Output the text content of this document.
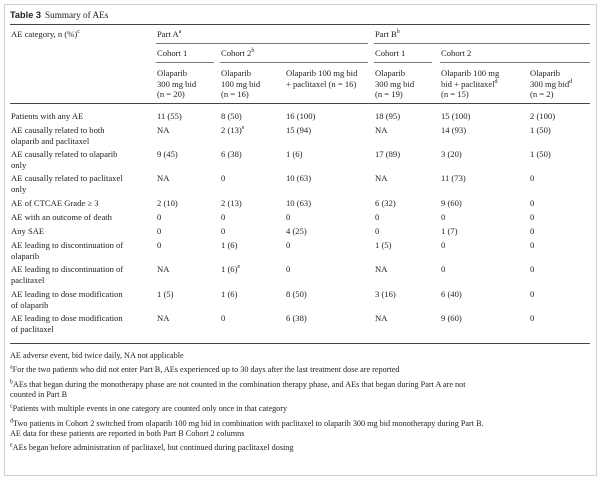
Table 3 Summary of AEs
AE category, n (%)$^c$	Part $A^a$	Part $B^b$
Cohort 1	Cohort 2$^b$	Cohort 1	Cohort 2
Olaparib
300 mg bid
(n = 20)
Olaparib
100 mg bid
(n = 16)
Olaparib 100 mg bid
+ paclitaxel (n = 16)
Olaparib
300 mg bid
(n = 19)
Olaparib 100 mg
bid + paclitaxel$^d$
(n = 15)
Olaparib
300 mg bid$^d$
(n = 2)
Patients with any AE	11 (55)	8 (50)	16 (100)	18 (95)	15 (100)	2 (100)
AE causally related to both
olaparib and paclitaxel
NA	2 $(13)^e$	15 (94)	NA	14 (93)	1 (50)
AE causally related to olaparib
only
9 (45)	6 (38)	1 (6)	17 (89)	3 (20)	1 (50)
AE causally related to paclitaxel
only
NA	0	10 (63)	NA	11 (73)	0
AE of CTCAE Grade ≥ 3	2 (10)	2 (13)	10 (63)	6 (32)	9 (60)	0
AE with an outcome of death	0	0	0	0	0	0
Any SAE	0	0	4 (25)	0	1 (7)	0
AE leading to discontinuation of
olaparib
0	1 (6)	0	1 (5)	0	0
AE leading to discontinuation of
paclitaxel
NA	1 $(6)^e$	0	NA	0	0
AE leading to dose modification
of olaparib
1 (5)	1 (6)	8 (50)	3 (16)	6 (40)	0
AE leading to dose modification
of paclitaxel
NA	0	6 (38)	NA	9 (60)	0
AE adverse event, bid twice daily, NA not applicable
$^a$For the two patients who did not enter Part B, AEs experienced up to 30 days after the last treatment dose are reported
$^b$AEs that began during the monotherapy phase are not counted in the combination therapy phase, and AEs that began during Part A are not
counted in Part B
$^c$Patients with multiple events in one category are counted only once in that category
$^d$Two patients in Cohort 2 switched from olaparib 100 mg bid in combination with paclitaxel to olaparib 300 mg bid monotherapy during Part B.
AE data for these patients are reported in both Part B Cohort 2 columns
$^e$AEs began before administration of paclitaxel, but continued during paclitaxel dosing
